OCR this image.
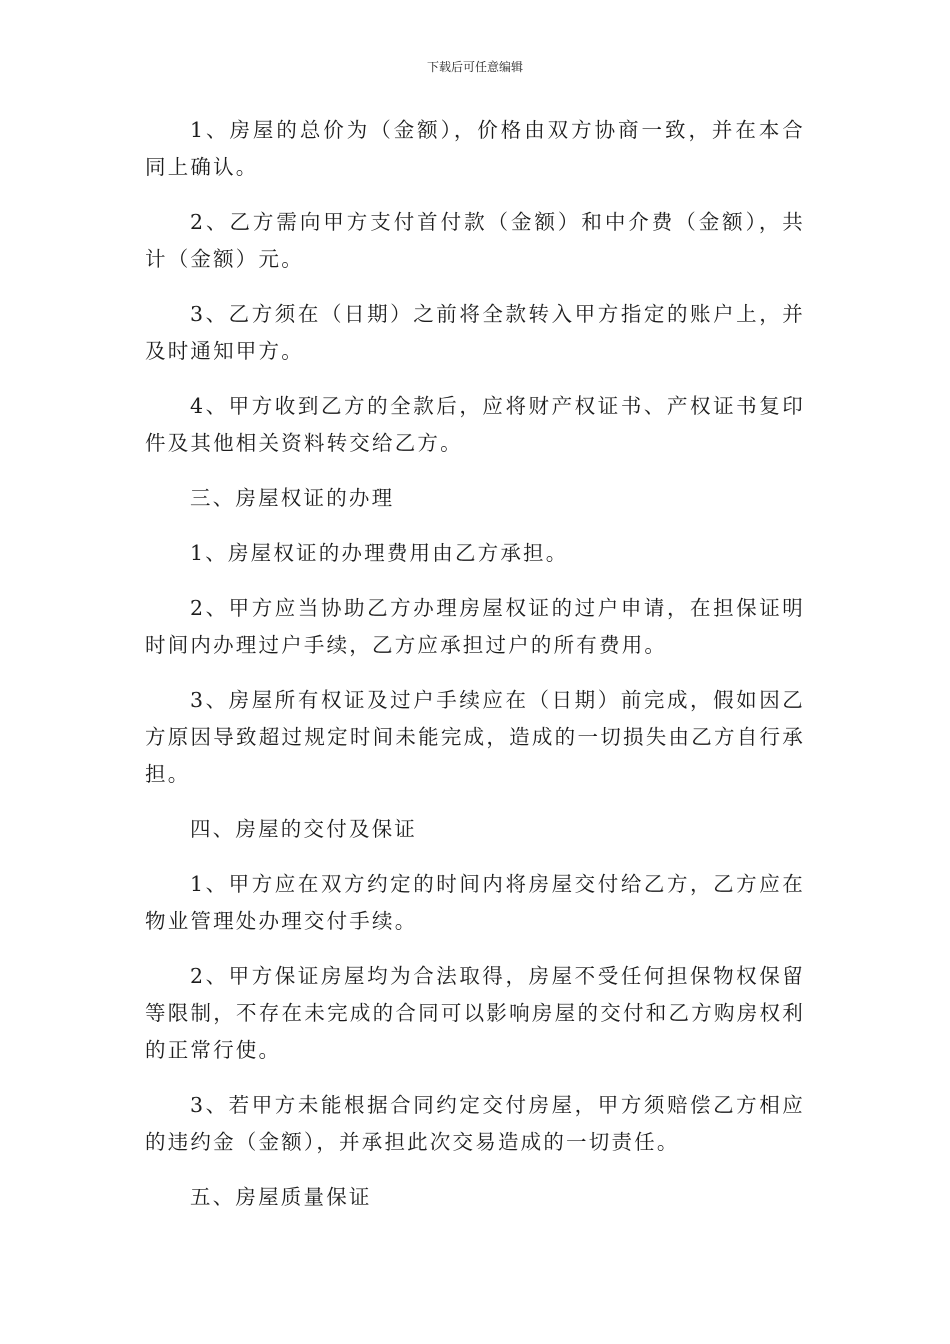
下载后可任意编辑

1、房屋的总价为（金额），价格由双方协商一致，并在本合同上确认。

2、乙方需向甲方支付首付款（金额）和中介费（金额），共计（金额）元。

3、乙方须在（日期）之前将全款转入甲方指定的账户上，并及时通知甲方。

4、甲方收到乙方的全款后，应将财产权证书、产权证书复印件及其他相关资料转交给乙方。

三、房屋权证的办理

1、房屋权证的办理费用由乙方承担。

2、甲方应当协助乙方办理房屋权证的过户申请，在担保证明时间内办理过户手续，乙方应承担过户的所有费用。

3、房屋所有权证及过户手续应在（日期）前完成，假如因乙方原因导致超过规定时间未能完成，造成的一切损失由乙方自行承担。

四、房屋的交付及保证

1、甲方应在双方约定的时间内将房屋交付给乙方，乙方应在物业管理处办理交付手续。

2、甲方保证房屋均为合法取得，房屋不受任何担保物权保留等限制，不存在未完成的合同可以影响房屋的交付和乙方购房权利的正常行使。

3、若甲方未能根据合同约定交付房屋，甲方须赔偿乙方相应的违约金（金额），并承担此次交易造成的一切责任。

五、房屋质量保证
